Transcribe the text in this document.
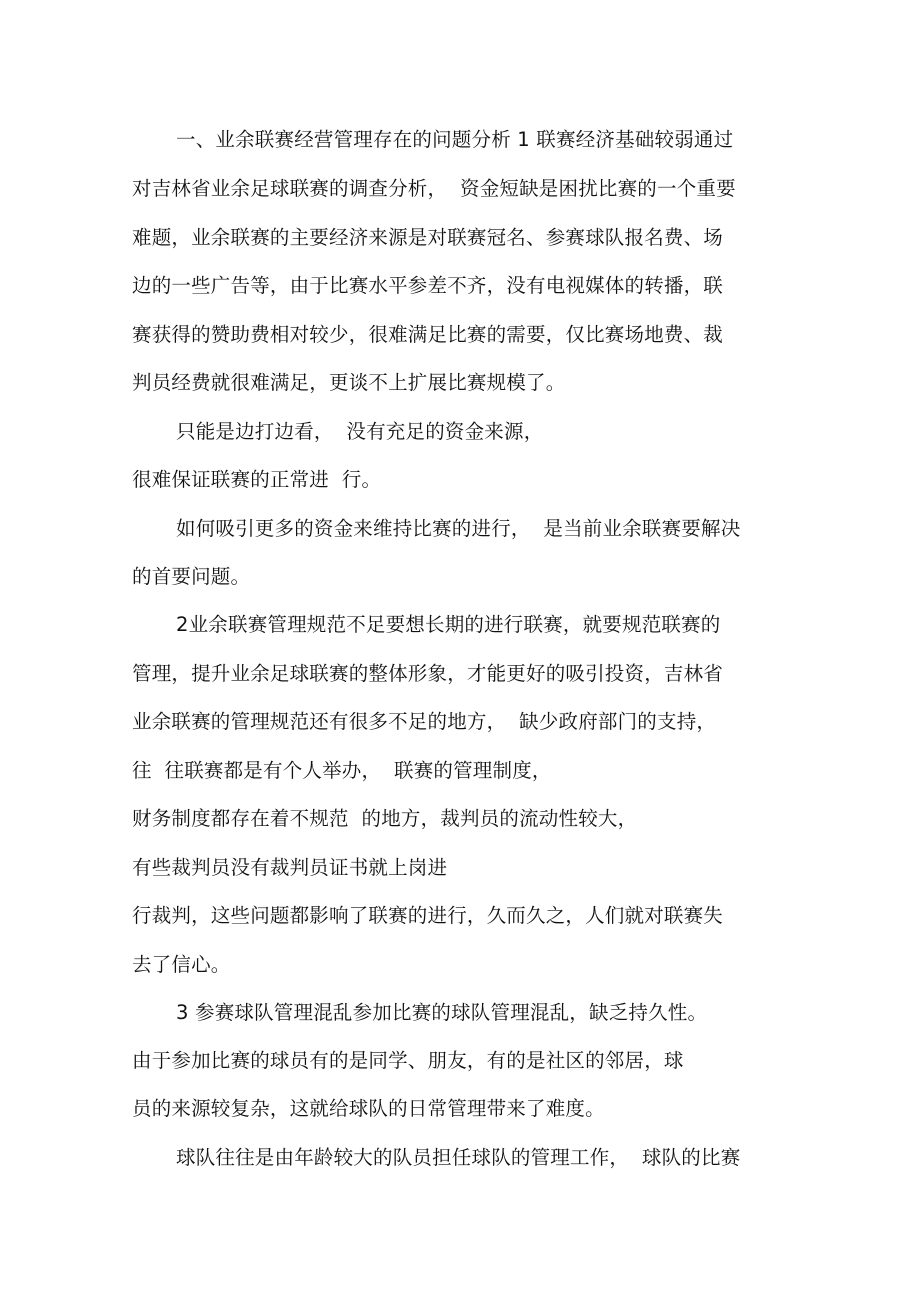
一、业余联赛经营管理存在的问题分析 1 联赛经济基础较弱通过
对吉林省业余足球联赛的调查分析，  资金短缺是困扰比赛的一个重要
难题，业余联赛的主要经济来源是对联赛冠名、参赛球队报名费、场
边的一些广告等，由于比赛水平参差不齐，没有电视媒体的转播，联
赛获得的赞助费相对较少，很难满足比赛的需要，仅比赛场地费、裁
判员经费就很难满足，更谈不上扩展比赛规模了。
只能是边打边看，  没有充足的资金来源，
很难保证联赛的正常进  行。
如何吸引更多的资金来维持比赛的进行，  是当前业余联赛要解决
的首要问题。
2业余联赛管理规范不足要想长期的进行联赛，就要规范联赛的
管理，提升业余足球联赛的整体形象，才能更好的吸引投资，吉林省
业余联赛的管理规范还有很多不足的地方，  缺少政府部门的支持，
往  往联赛都是有个人举办，  联赛的管理制度，
财务制度都存在着不规范  的地方，裁判员的流动性较大，
有些裁判员没有裁判员证书就上岗进
行裁判，这些问题都影响了联赛的进行，久而久之，人们就对联赛失
去了信心。
3 参赛球队管理混乱参加比赛的球队管理混乱，缺乏持久性。
由于参加比赛的球员有的是同学、朋友，有的是社区的邻居，球
员的来源较复杂，这就给球队的日常管理带来了难度。
球队往往是由年龄较大的队员担任球队的管理工作，  球队的比赛
